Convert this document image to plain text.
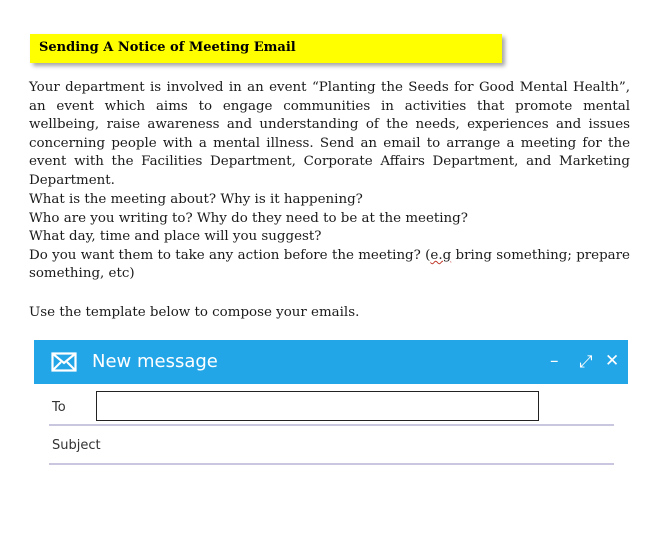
Sending A Notice of Meeting Email

Your department is involved in an event “Planting the Seeds for Good Mental Health”, an event which aims to engage communities in activities that promote mental wellbeing, raise awareness and understanding of the needs, experiences and issues concerning people with a mental illness. Send an email to arrange a meeting for the event with the Facilities Department, Corporate Affairs Department, and Marketing Department.

What is the meeting about? Why is it happening?
Who are you writing to? Why do they need to be at the meeting?
What day, time and place will you suggest?
Do you want them to take any action before the meeting? (e.g bring something; prepare something, etc)

Use the template below to compose your emails.

New message	– ⤢ ✕
To
Subject
